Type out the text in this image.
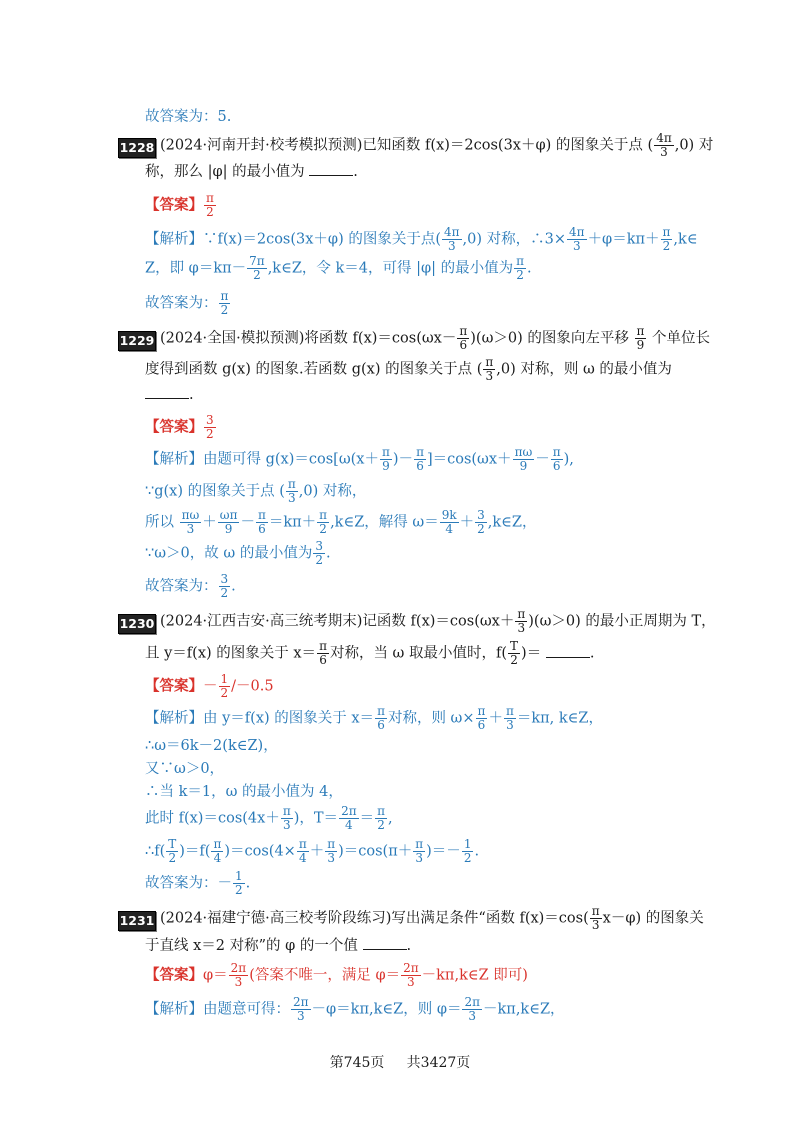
故答案为：5.
1228 (2024·河南开封·校考模拟预测)已知函数 f(x)＝2cos(3x＋φ) 的图象关于点 ( $\frac{4\pi}{3} ,0$) 对
称，那么 |φ| 的最小值为	.
【答案】 $\frac{\pi}{2}$
【解析】∵f(x)＝2cos(3x＋φ) 的图象关于点( $\frac{4\pi}{3} ,0$) 对称，∴3× $\frac{4\pi}{3} +\varphi=k\pi+ \frac{\pi}{2}$ ,k∈
Z，即 $\varphi=k\pi- \frac{7\pi}{2}$ ,k∈Z，令 k＝4，可得 |φ| 的最小值为 $\frac{\pi}{2}$ .
故答案为： $\frac{\pi}{2}$
1229 (2024·全国·模拟预测)将函数 $f(x)=\cos(\omega x- \frac{\pi}{6} )(\omega>0)$ 的图象向左平移 $\frac{\pi}{9}$ 个单位长
度得到函数 g(x) 的图象.若函数 g(x) 的图象关于点 ( $\frac{\pi}{3} ,0$) 对称，则 ω 的最小值为
.
【答案】 $\frac{3}{2}$
【解析】由题可得 $g(x)=\cos[\omega(x+ \frac{\pi}{9}$ )－ $\frac{\pi}{6} ]=\cos(\omega x+ \frac{\pi\omega}{9} - \frac{\pi}{6}$ ),
∵g(x) 的图象关于点 ( $\frac{\pi}{3} ,0$) 对称，
所以 $\frac{\pi\omega}{3} + \frac{\omega\pi}{9} - \frac{\pi}{6} =k\pi+ \frac{\pi}{2}$ ,k∈Z，解得 $\omega= \frac{9k}{4} + \frac{3}{2}$ ,k∈Z，
∵ω＞0，故 ω 的最小值为 $\frac{3}{2}$ .
故答案为： $\frac{3}{2}$ .
1230 (2024·江西吉安·高三统考期末)记函数 $f(x)=\cos(\omega x+ \frac{\pi}{3} )(\omega>0)$ 的最小正周期为 T，
且 y＝f(x) 的图象关于 $x= \frac{\pi}{6}$ 对称，当 ω 取最小值时，$f( \frac{T}{2}$ )＝	.
【答案】－ $\frac{1}{2} /-0.5$
【解析】由 y＝f(x) 的图象关于 $x= \frac{\pi}{6}$ 对称，则 $\omega\times \frac{\pi}{6} + \frac{\pi}{3} =k\pi$, k∈Z，
∴ω＝6k－2(k∈Z)，
又∵ω＞0，
∴当 k＝1，ω 的最小值为 4，
此时 $f(x)=\cos(4x+ \frac{\pi}{3}$ )，$T= \frac{2\pi}{4} = \frac{\pi}{2}$ ,
∴f( $\frac{T}{2} )=f( \frac{\pi}{4} )=\cos(4\times \frac{\pi}{4} + \frac{\pi}{3} )=\cos(\pi+ \frac{\pi}{3}$ )＝－ $\frac{1}{2}$ .
故答案为：－ $\frac{1}{2}$ .
1231 (2024·福建宁德·高三校考阶段练习)写出满足条件“函数 $f(x)=\cos( \frac{\pi}{3} x-\varphi)$ 的图象关
于直线 x＝2 对称”的 φ 的一个值	.
【答案】$\varphi= \frac{2\pi}{3}$ (答案不唯一，满足 $\varphi= \frac{2\pi}{3}$ －kπ,k∈Z 即可)
【解析】由题意可得： $\frac{2\pi}{3}$ －φ＝kπ,k∈Z，则 $\varphi= \frac{2\pi}{3}$ －kπ,k∈Z，
第745页 共3427页
